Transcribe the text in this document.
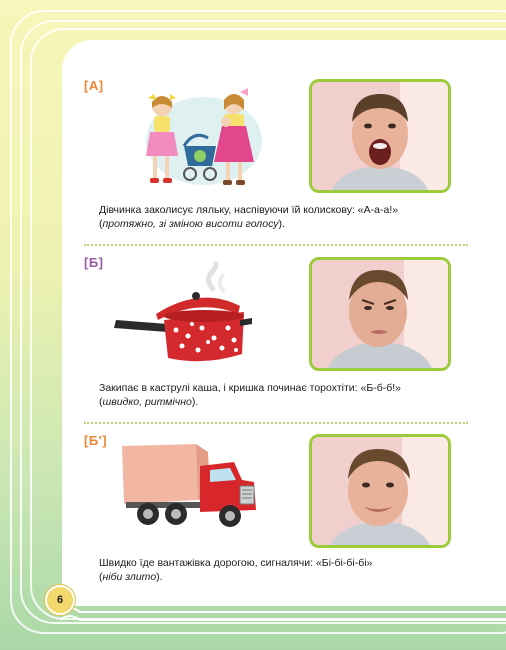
[А]
Дівчинка заколисує ляльку, наспівуючи їй колискову: «А-а-а!»
(протяжно, зі зміною висоти голосу).
[Б]
Закипає в каструлі каша, і кришка починає торохтіти: «Б-б-б!»
(швидко, ритмічно).
[Б']
Швидко їде вантажівка дорогою, сигналячи: «Бі-бі-бі-бі»
(ніби злито).
6
